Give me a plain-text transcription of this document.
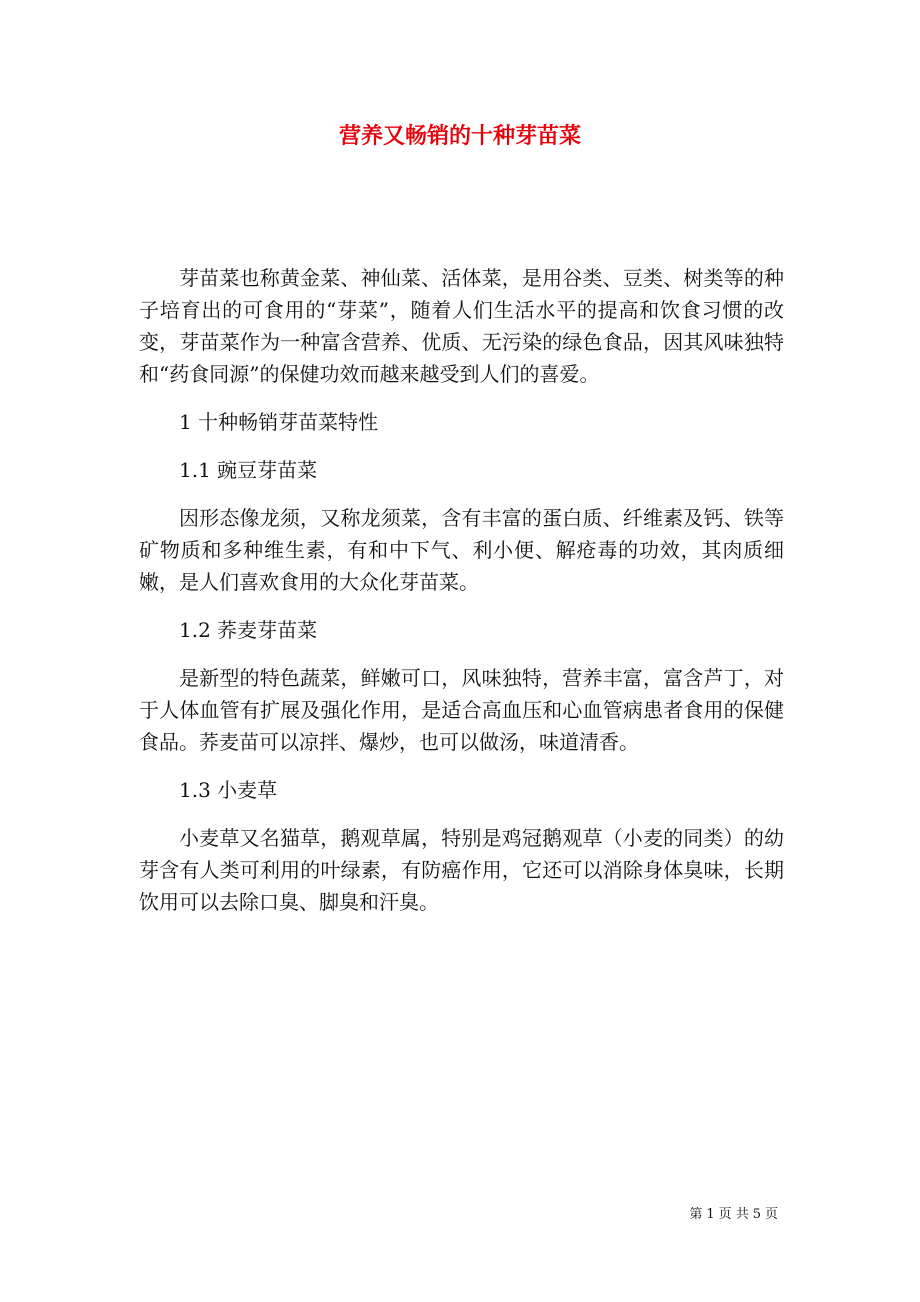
营养又畅销的十种芽苗菜

芽苗菜也称黄金菜、神仙菜、活体菜，是用谷类、豆类、树类等的种子培育出的可食用的“芽菜”，随着人们生活水平的提高和饮食习惯的改变，芽苗菜作为一种富含营养、优质、无污染的绿色食品，因其风味独特和“药食同源”的保健功效而越来越受到人们的喜爱。

1 十种畅销芽苗菜特性

1.1 豌豆芽苗菜

因形态像龙须，又称龙须菜，含有丰富的蛋白质、纤维素及钙、铁等矿物质和多种维生素，有和中下气、利小便、解疮毒的功效，其肉质细嫩，是人们喜欢食用的大众化芽苗菜。

1.2 荞麦芽苗菜

是新型的特色蔬菜，鲜嫩可口，风味独特，营养丰富，富含芦丁，对于人体血管有扩展及强化作用，是适合高血压和心血管病患者食用的保健食品。荞麦苗可以凉拌、爆炒，也可以做汤，味道清香。

1.3 小麦草

小麦草又名猫草，鹅观草属，特别是鸡冠鹅观草（小麦的同类）的幼芽含有人类可利用的叶绿素，有防癌作用，它还可以消除身体臭味，长期饮用可以去除口臭、脚臭和汗臭。

第 1 页 共 5 页
